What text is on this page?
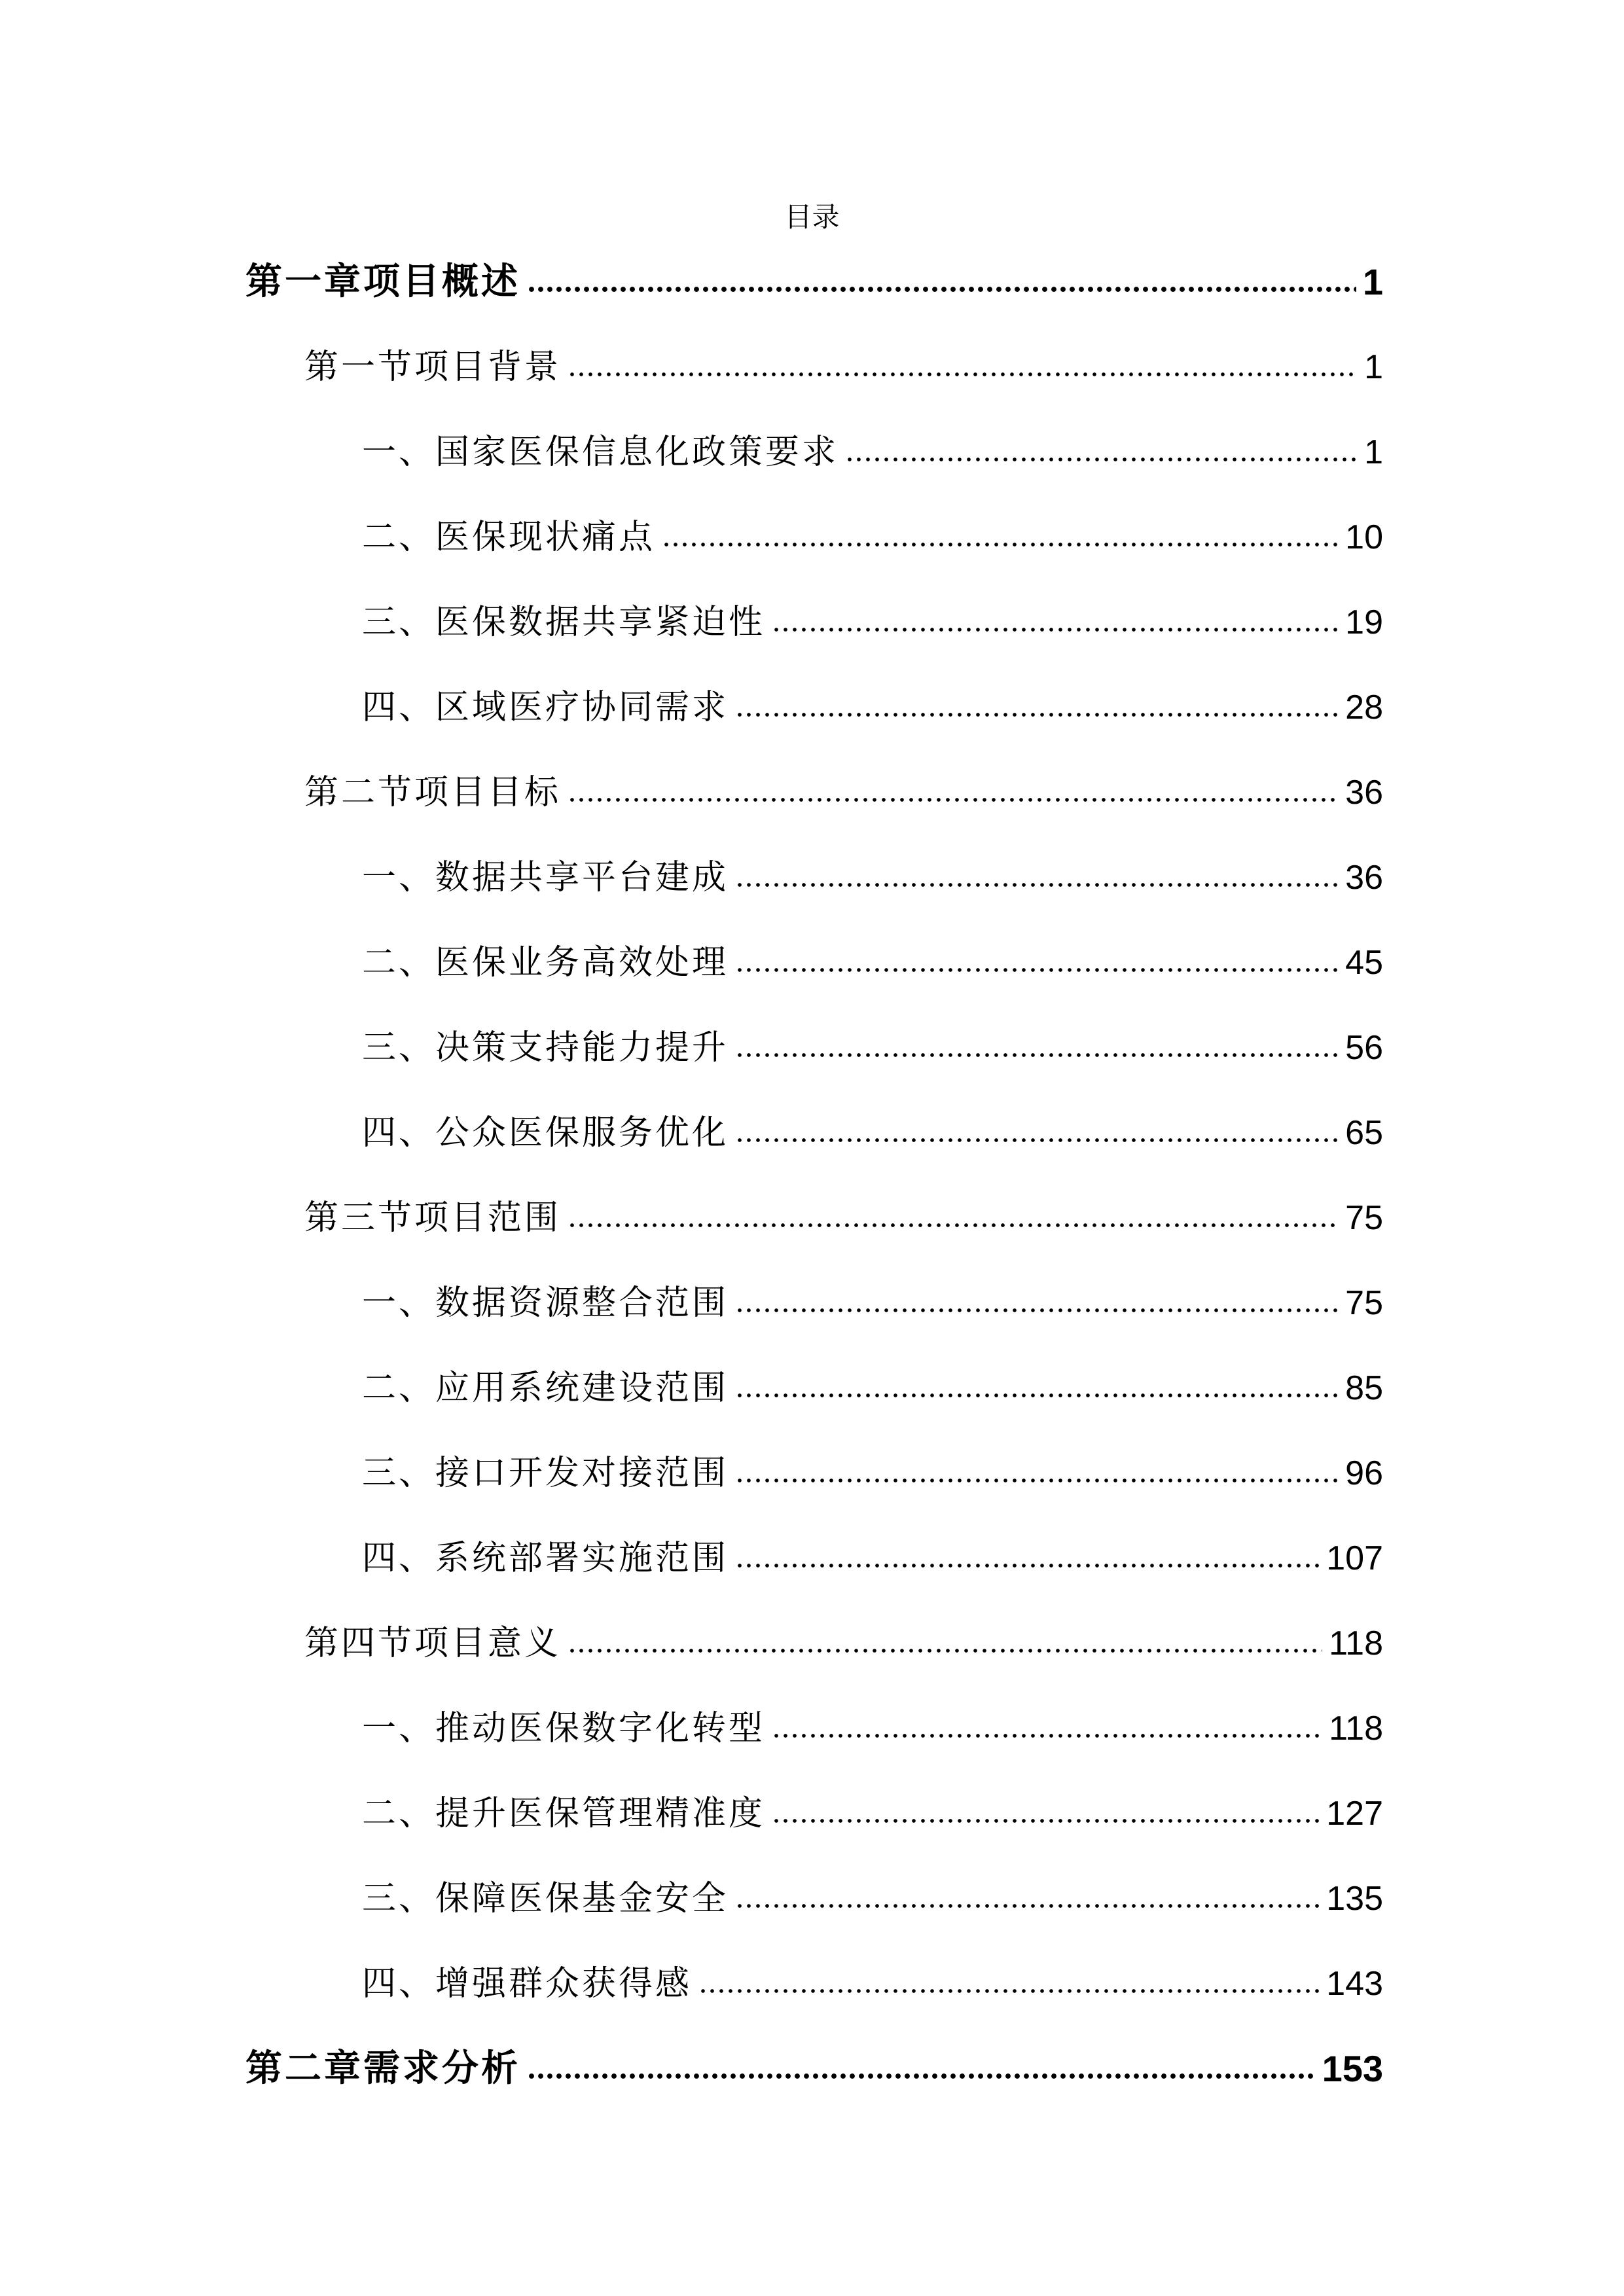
目录
第一章项目概述	1
第一节项目背景	1
一、国家医保信息化政策要求	1
二、医保现状痛点	10
三、医保数据共享紧迫性	19
四、区域医疗协同需求	28
第二节项目目标	36
一、数据共享平台建成	36
二、医保业务高效处理	45
三、决策支持能力提升	56
四、公众医保服务优化	65
第三节项目范围	75
一、数据资源整合范围	75
二、应用系统建设范围	85
三、接口开发对接范围	96
四、系统部署实施范围	107
第四节项目意义	118
一、推动医保数字化转型	118
二、提升医保管理精准度	127
三、保障医保基金安全	135
四、增强群众获得感	143
第二章需求分析	153
